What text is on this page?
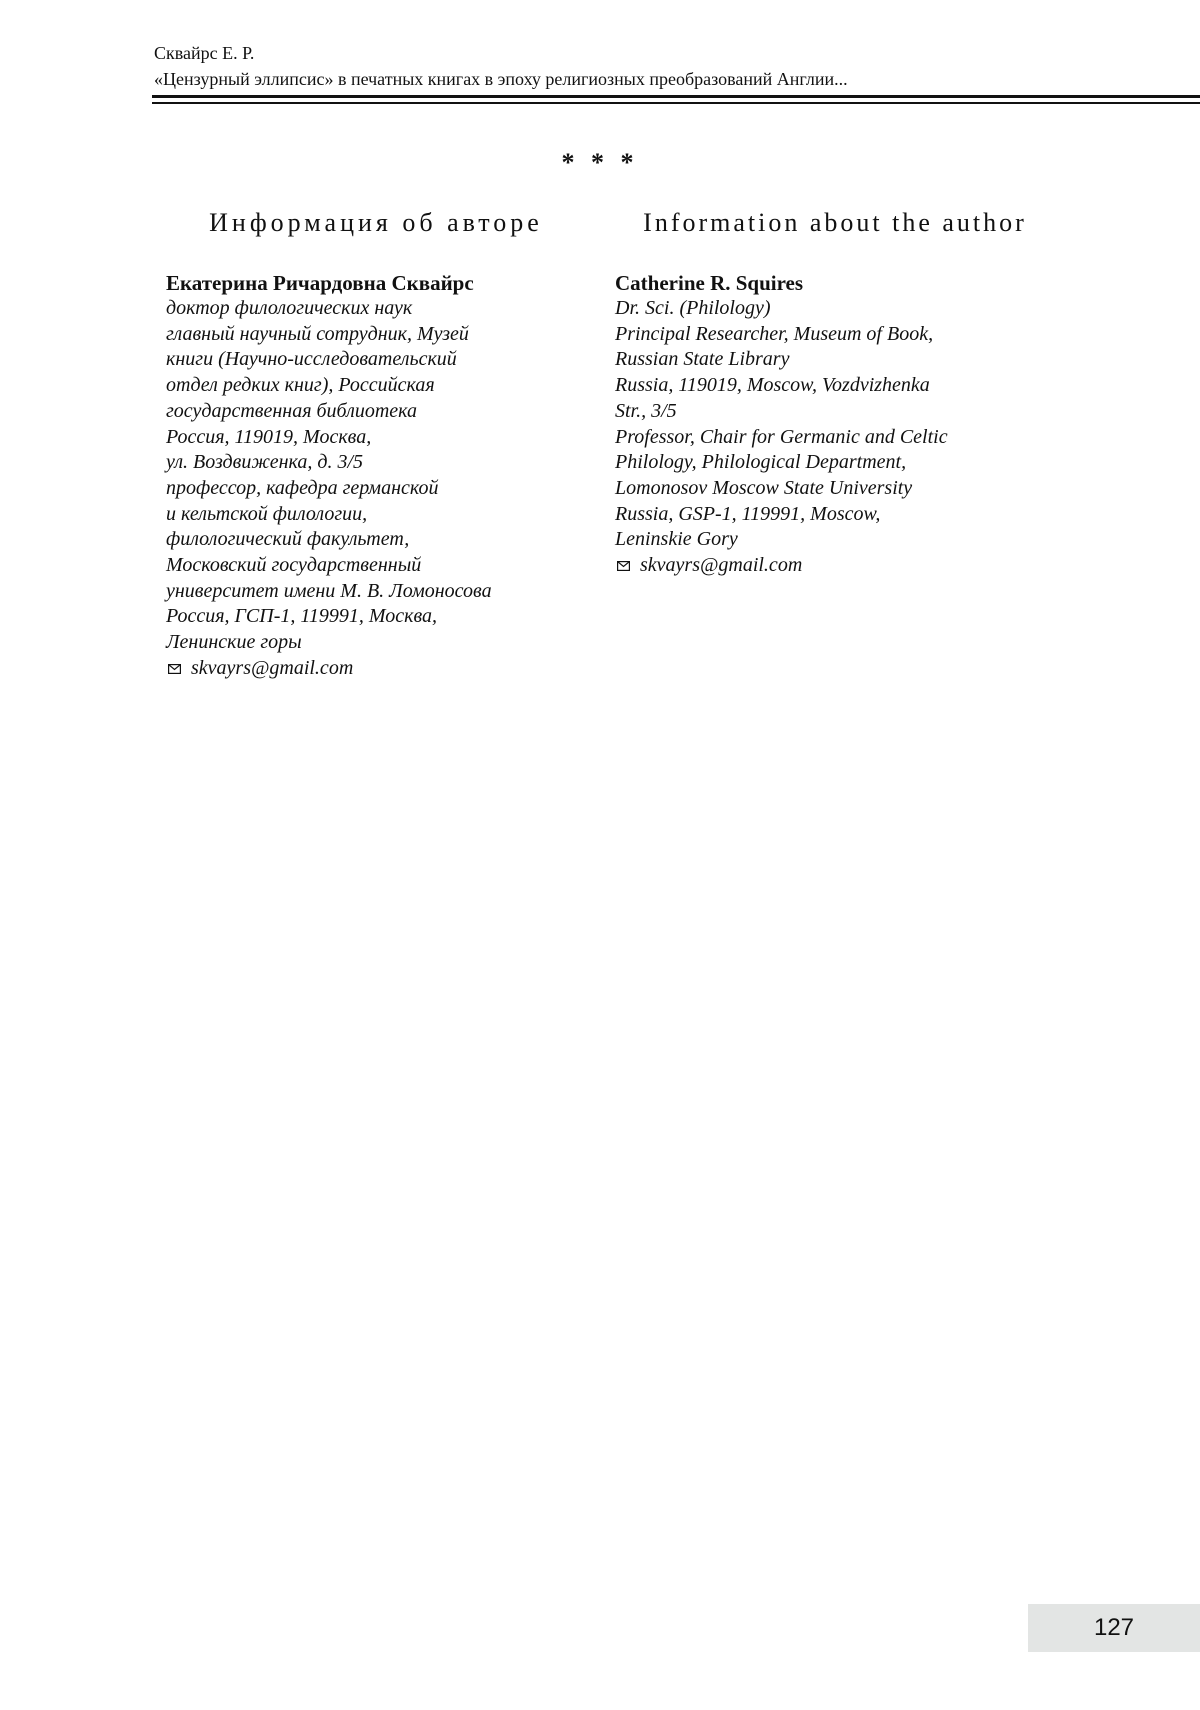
Сквайрс Е. Р.
«Цензурный эллипсис» в печатных книгах в эпоху религиозных преобразований Англии...
* * *
Информация об авторе
Екатерина Ричардовна Сквайрс
доктор филологических наук
главный научный сотрудник, Музей
книги (Научно-исследовательский
отдел редких книг), Российская
государственная библиотека
Россия, 119019, Москва,
ул. Воздвиженка, д. 3/5
профессор, кафедра германской
и кельтской филологии,
филологический факультет,
Московский государственный
университет имени М. В. Ломоносова
Россия, ГСП-1, 119991, Москва,
Ленинские горы
skvayrs@gmail.com
Information about the author
Catherine R. Squires
Dr. Sci. (Philology)
Principal Researcher, Museum of Book,
Russian State Library
Russia, 119019, Moscow, Vozdvizhenka
Str., 3/5
Professor, Chair for Germanic and Celtic
Philology, Philological Department,
Lomonosov Moscow State University
Russia, GSP-1, 119991, Moscow,
Leninskie Gory
skvayrs@gmail.com
127
